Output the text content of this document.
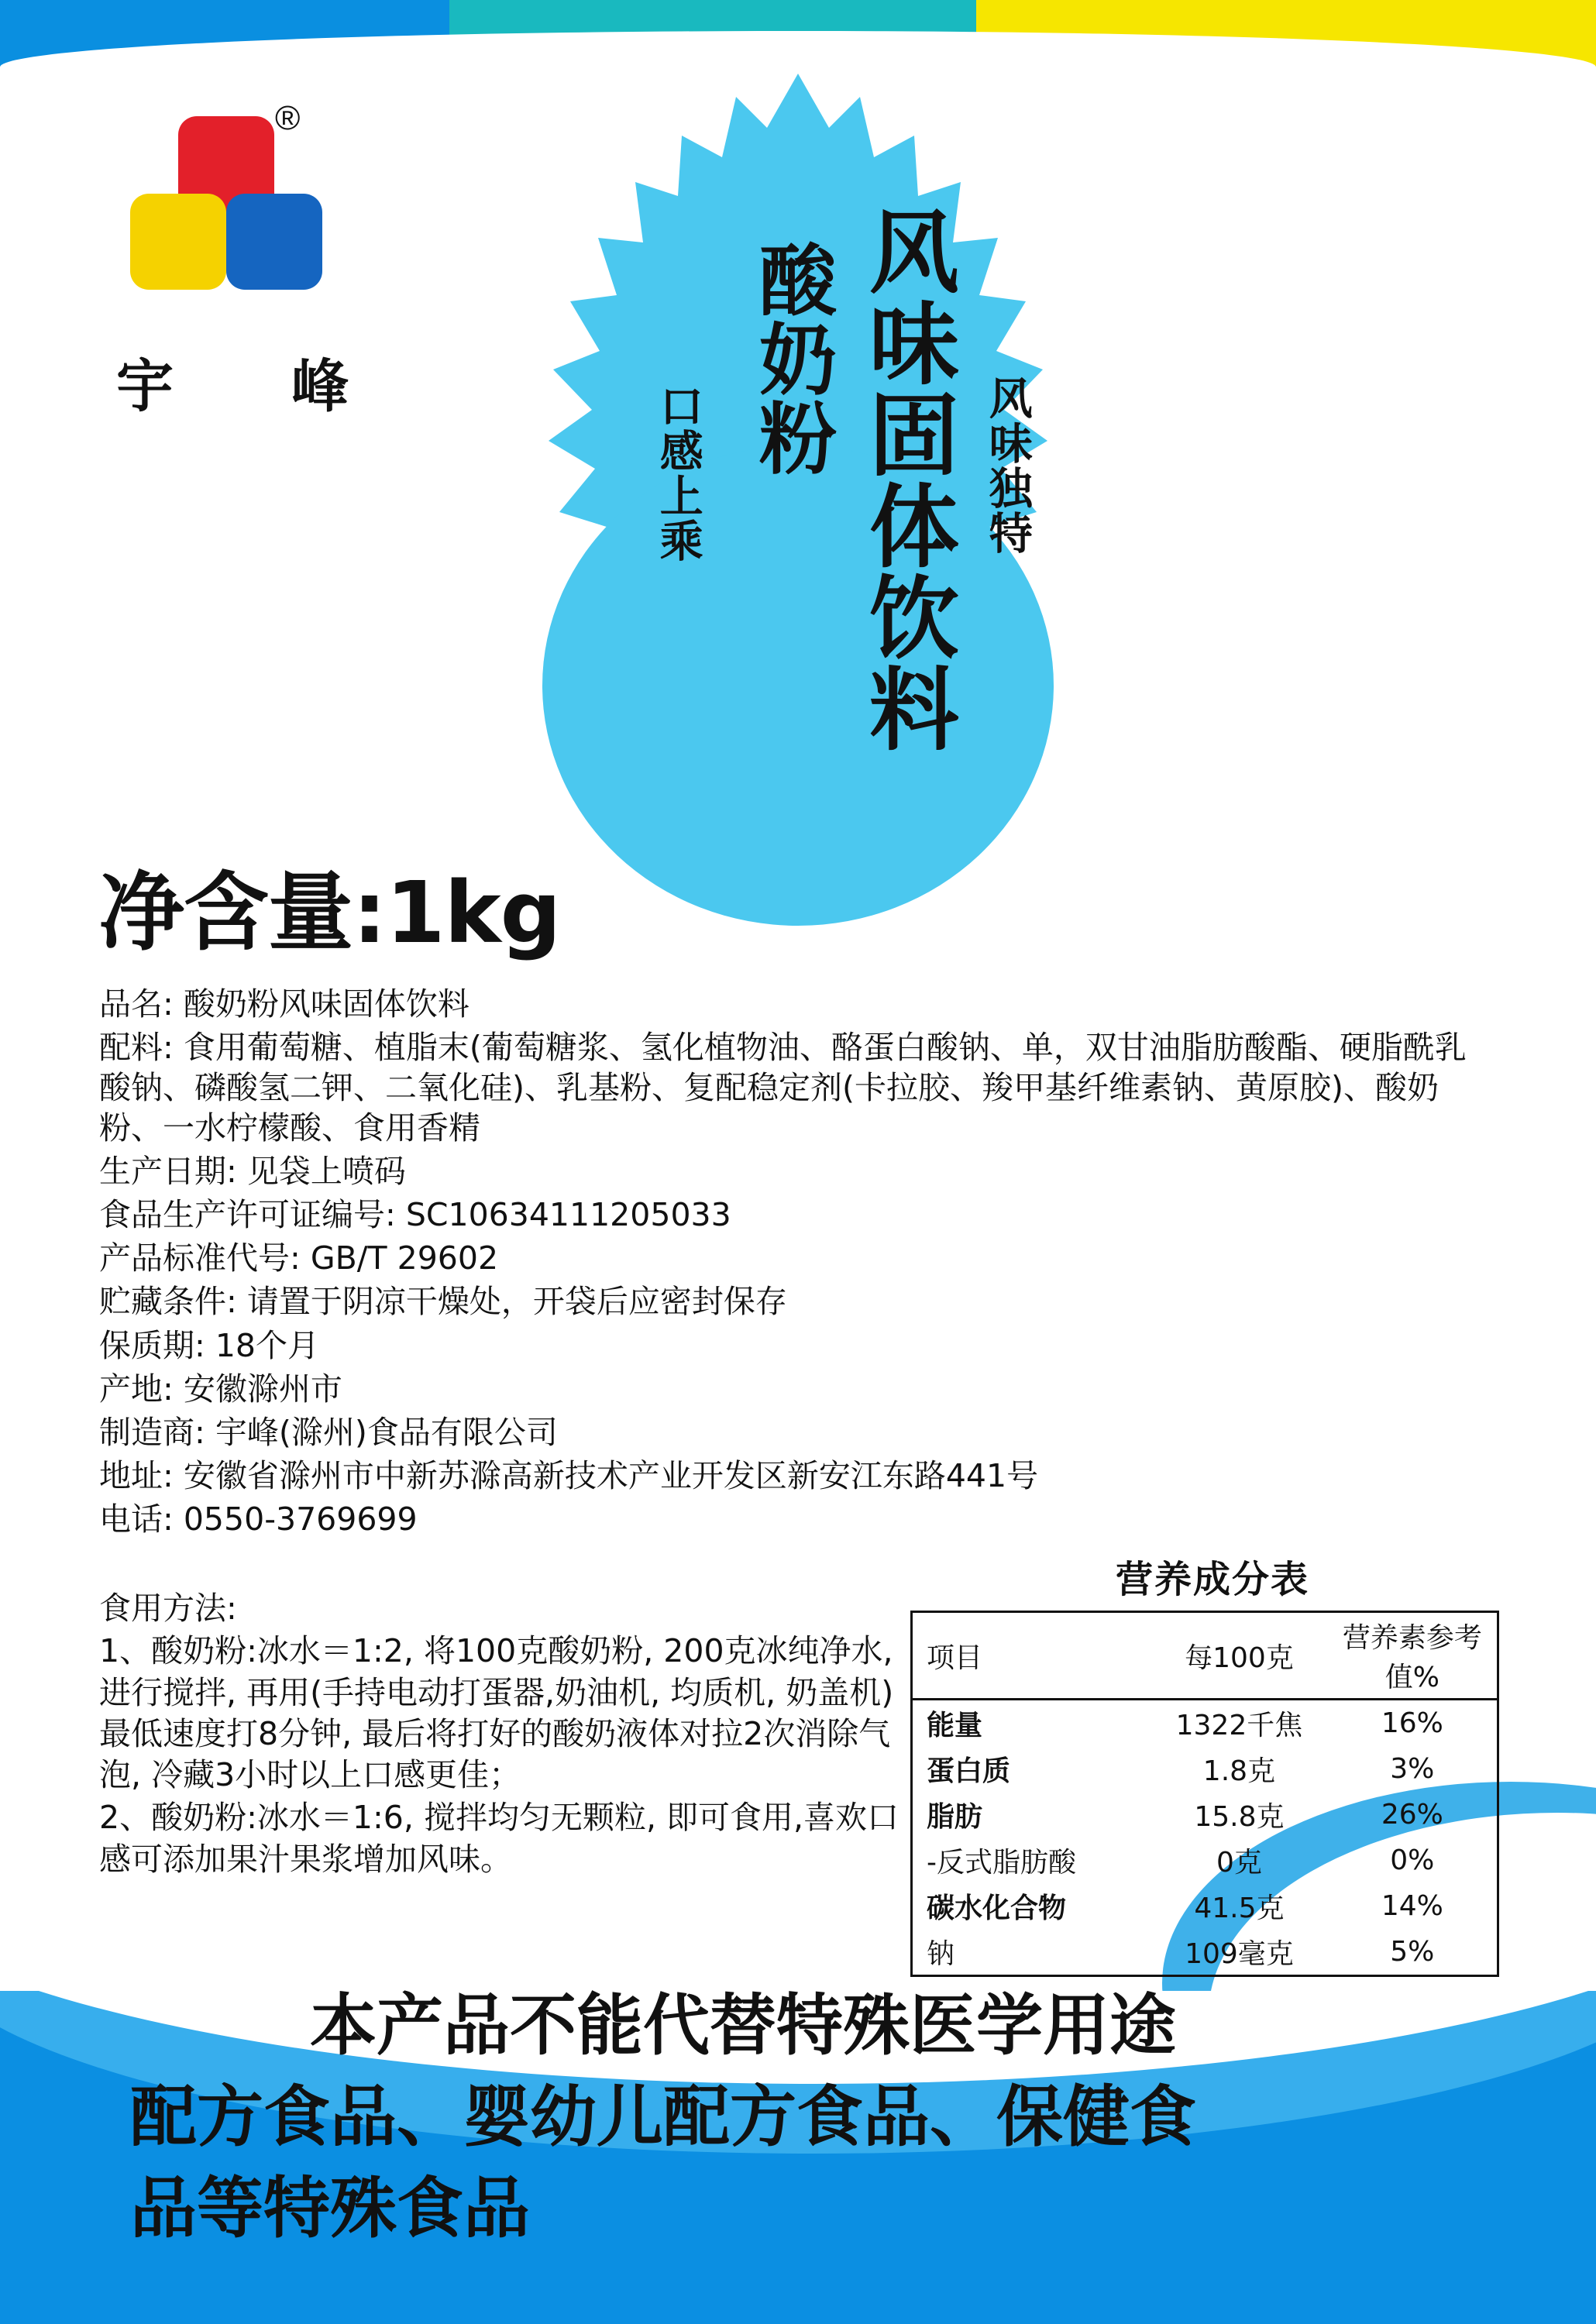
®
宇 峰	风味固体饮料
酸奶粉
口感上乘	风味独特
净含量:1kg

品名: 酸奶粉风味固体饮料

配料: 食用葡萄糖、植脂末(葡萄糖浆、氢化植物油、酪蛋白酸钠、单，双甘油脂肪酸酯、硬脂酰乳酸钠、磷酸氢二钾、二氧化硅)、乳基粉、复配稳定剂(卡拉胶、羧甲基纤维素钠、黄原胶)、酸奶粉、一水柠檬酸、食用香精

生产日期: 见袋上喷码

食品生产许可证编号: SC10634111205033

产品标准代号: GB/T 29602

贮藏条件: 请置于阴凉干燥处，开袋后应密封保存

保质期: 18个月

产地: 安徽滁州市

制造商: 宇峰(滁州)食品有限公司

地址: 安徽省滁州市中新苏滁高新技术产业开发区新安江东路441号

电话: 0550-3769699

食用方法:

1、酸奶粉:冰水＝1:2, 将100克酸奶粉, 200克冰纯净水, 进行搅拌, 再用(手持电动打蛋器,奶油机, 均质机, 奶盖机) 最低速度打8分钟, 最后将打好的酸奶液体对拉2次消除气泡, 冷藏3小时以上口感更佳；

2、酸奶粉:冰水＝1:6, 搅拌均匀无颗粒, 即可食用,喜欢口感可添加果汁果浆增加风味。

营养成分表
项目	每100克	营养素参考值%
能量	1322千焦	16%
蛋白质	1.8克	3%
脂肪	15.8克	26%
-反式脂肪酸	0克	0%
碳水化合物	41.5克	14%
钠	109毫克	5%
本产品不能代替特殊医学用途
配方食品、婴幼儿配方食品、保健食
品等特殊食品
